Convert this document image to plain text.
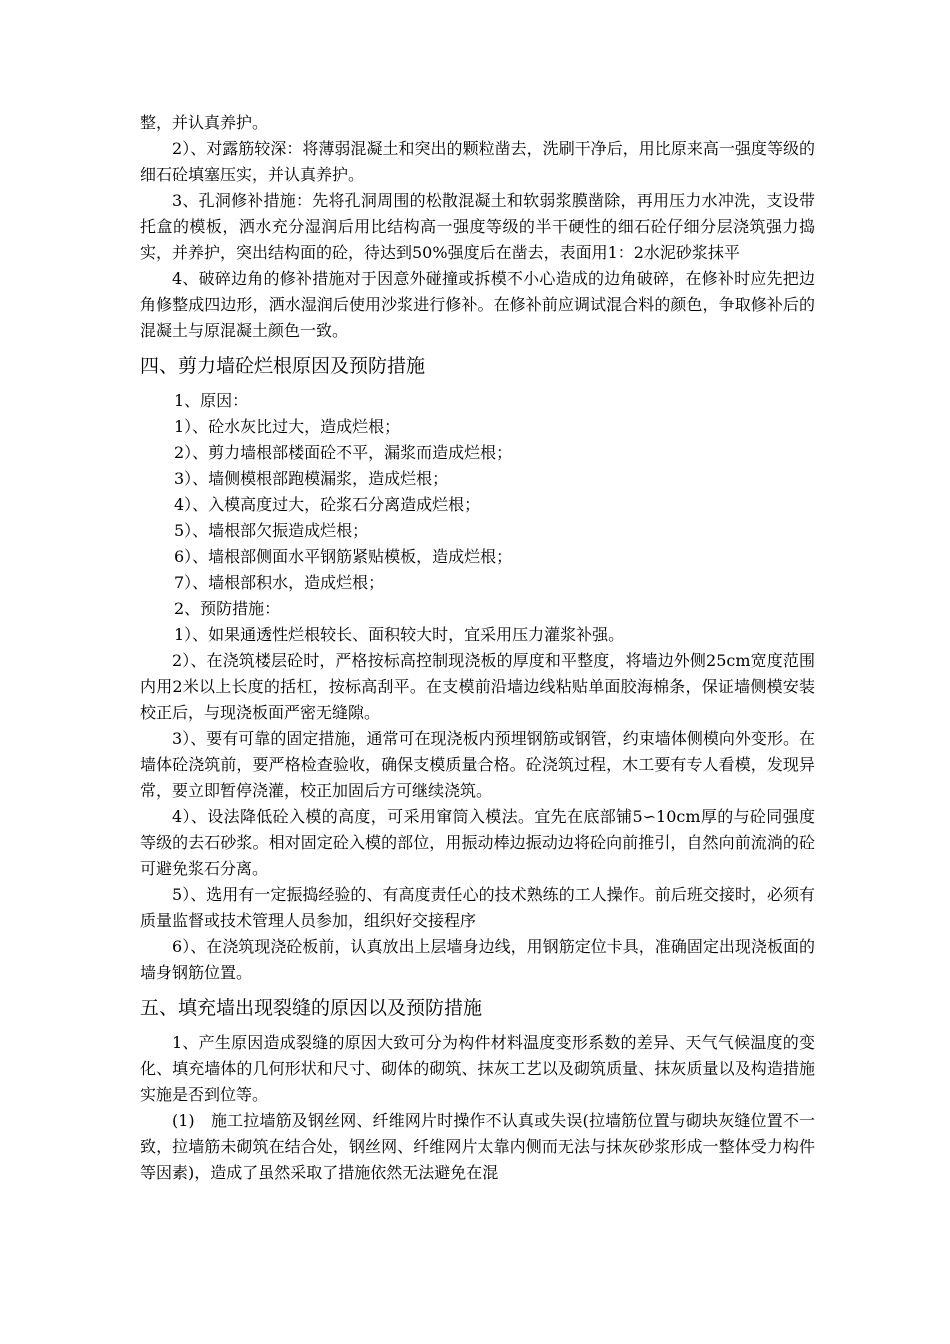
整，并认真养护。

2）、对露筋较深：将薄弱混凝土和突出的颗粒凿去，洗刷干净后，用比原来高一强度等级的细石砼填塞压实，并认真养护。

3、孔洞修补措施：先将孔洞周围的松散混凝土和软弱浆膜凿除，再用压力水冲洗，支设带托盒的模板，洒水充分湿润后用比结构高一强度等级的半干硬性的细石砼仔细分层浇筑强力捣实，并养护，突出结构面的砼，待达到50%强度后在凿去，表面用1：2水泥砂浆抹平

4、破碎边角的修补措施对于因意外碰撞或拆模不小心造成的边角破碎，在修补时应先把边角修整成四边形，洒水湿润后使用沙浆进行修补。在修补前应调试混合料的颜色，争取修补后的混凝土与原混凝土颜色一致。

四、剪力墙砼烂根原因及预防措施

1、原因：

1）、砼水灰比过大，造成烂根；

2）、剪力墙根部楼面砼不平，漏浆而造成烂根；

3）、墙侧模根部跑模漏浆，造成烂根；

4）、入模高度过大，砼浆石分离造成烂根；

5）、墙根部欠振造成烂根；

6）、墙根部侧面水平钢筋紧贴模板，造成烂根；

7）、墙根部积水，造成烂根；

2、预防措施：

1）、如果通透性烂根较长、面积较大时，宜采用压力灌浆补强。

2）、在浇筑楼层砼时，严格按标高控制现浇板的厚度和平整度，将墙边外侧25cm宽度范围内用2米以上长度的括杠，按标高刮平。在支模前沿墙边线粘贴单面胶海棉条，保证墙侧模安装校正后，与现浇板面严密无缝隙。

3）、要有可靠的固定措施，通常可在现浇板内预埋钢筋或钢管，约束墙体侧模向外变形。在墙体砼浇筑前，要严格检查验收，确保支模质量合格。砼浇筑过程，木工要有专人看模，发现异常，要立即暂停浇灌，校正加固后方可继续浇筑。

4）、设法降低砼入模的高度，可采用窜筒入模法。宜先在底部铺5∽10cm厚的与砼同强度等级的去石砂浆。相对固定砼入模的部位，用振动棒边振动边将砼向前推引，自然向前流淌的砼可避免浆石分离。

5）、选用有一定振捣经验的、有高度责任心的技术熟练的工人操作。前后班交接时，必须有质量监督或技术管理人员参加，组织好交接程序

6）、在浇筑现浇砼板前，认真放出上层墙身边线，用钢筋定位卡具，准确固定出现浇板面的墙身钢筋位置。

五、填充墙出现裂缝的原因以及预防措施

1、产生原因造成裂缝的原因大致可分为构件材料温度变形系数的差异、天气气候温度的变化、填充墙体的几何形状和尺寸、砌体的砌筑、抹灰工艺以及砌筑质量、抹灰质量以及构造措施实施是否到位等。

(1)　施工拉墙筋及钢丝网、纤维网片时操作不认真或失误(拉墙筋位置与砌块灰缝位置不一致，拉墙筋未砌筑在结合处，钢丝网、纤维网片太靠内侧而无法与抹灰砂浆形成一整体受力构件等因素)，造成了虽然采取了措施依然无法避免在混
